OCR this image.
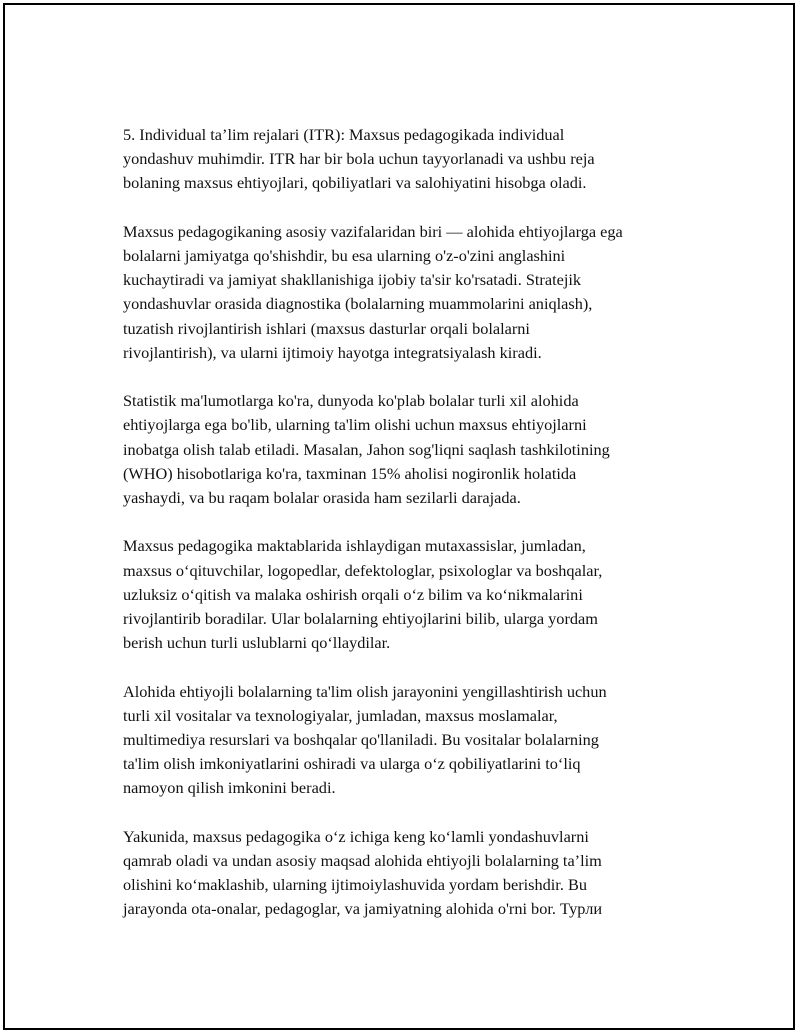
5. Individual ta’lim rejalari (ITR): Maxsus pedagogikada individual
yondashuv muhimdir. ITR har bir bola uchun tayyorlanadi va ushbu reja
bolaning maxsus ehtiyojlari, qobiliyatlari va salohiyatini hisobga oladi.

Maxsus pedagogikaning asosiy vazifalaridan biri — alohida ehtiyojlarga ega
bolalarni jamiyatga qo'shishdir, bu esa ularning o'z-o'zini anglashini
kuchaytiradi va jamiyat shakllanishiga ijobiy ta'sir ko'rsatadi. Stratejik
yondashuvlar orasida diagnostika (bolalarning muammolarini aniqlash),
tuzatish rivojlantirish ishlari (maxsus dasturlar orqali bolalarni
rivojlantirish), va ularni ijtimoiy hayotga integratsiyalash kiradi.

Statistik ma'lumotlarga ko'ra, dunyoda ko'plab bolalar turli xil alohida
ehtiyojlarga ega bo'lib, ularning ta'lim olishi uchun maxsus ehtiyojlarni
inobatga olish talab etiladi. Masalan, Jahon sog'liqni saqlash tashkilotining
(WHO) hisobotlariga ko'ra, taxminan 15% aholisi nogironlik holatida
yashaydi, va bu raqam bolalar orasida ham sezilarli darajada.

Maxsus pedagogika maktablarida ishlaydigan mutaxassislar, jumladan,
maxsus o‘qituvchilar, logopedlar, defektologlar, psixologlar va boshqalar,
uzluksiz o‘qitish va malaka oshirish orqali o‘z bilim va ko‘nikmalarini
rivojlantirib boradilar. Ular bolalarning ehtiyojlarini bilib, ularga yordam
berish uchun turli uslublarni qo‘llaydilar.

Alohida ehtiyojli bolalarning ta'lim olish jarayonini yengillashtirish uchun
turli xil vositalar va texnologiyalar, jumladan, maxsus moslamalar,
multimediya resurslari va boshqalar qo'llaniladi. Bu vositalar bolalarning
ta'lim olish imkoniyatlarini oshiradi va ularga o‘z qobiliyatlarini to‘liq
namoyon qilish imkonini beradi.

Yakunida, maxsus pedagogika o‘z ichiga keng ko‘lamli yondashuvlarni
qamrab oladi va undan asosiy maqsad alohida ehtiyojli bolalarning ta’lim
olishini ko‘maklashib, ularning ijtimoiylashuvida yordam berishdir. Bu
jarayonda ota-onalar, pedagoglar, va jamiyatning alohida o'rni bor. Турли
